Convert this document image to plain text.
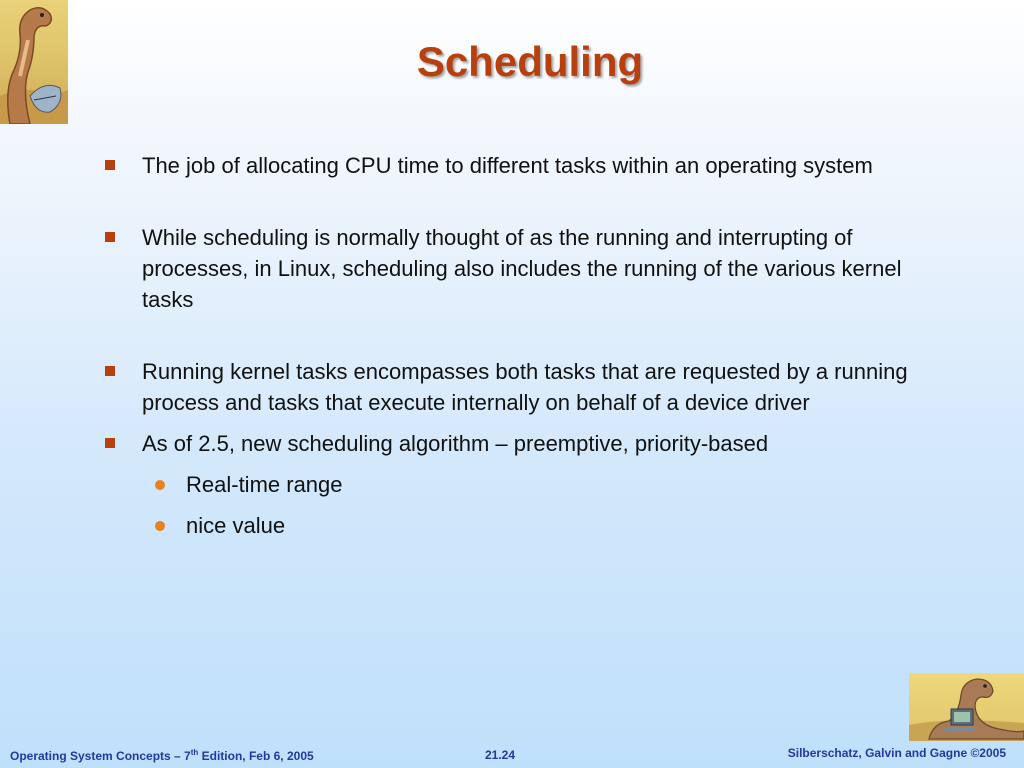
Scheduling
The job of allocating CPU time to different tasks within an operating system
While scheduling is normally thought of as the running and interrupting of processes, in Linux, scheduling also includes the running of the various kernel tasks
Running kernel tasks encompasses both tasks that are requested by a running process and tasks that execute internally on behalf of a device driver
As of 2.5, new scheduling algorithm – preemptive, priority-based
Real-time range
nice value
Operating System Concepts – 7th Edition, Feb 6, 2005	21.24	Silberschatz, Galvin and Gagne ©2005
